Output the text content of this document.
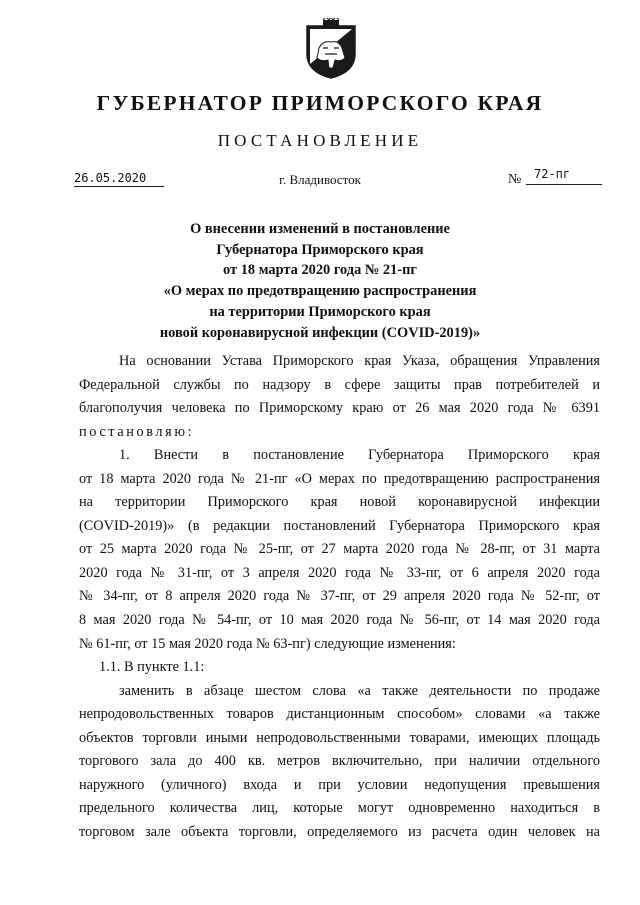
ГУБЕРНАТОР ПРИМОРСКОГО КРАЯ
ПОСТАНОВЛЕНИЕ
26.05.2020	г. Владивосток	№	72-пг
О внесении изменений в постановление
Губернатора Приморского края
от 18 марта 2020 года № 21-пг
«О мерах по предотвращению распространения
на территории Приморского края
новой коронавирусной инфекции (COVID-2019)»
На основании Устава Приморского края Указа, обращения Управления
Федеральной службы по надзору в сфере защиты прав потребителей и
благополучия человека по Приморскому краю от 26 мая 2020 года № 6391
постановляю:
1. Внести в постановление Губернатора Приморского края
от 18 марта 2020 года № 21-пг «О мерах по предотвращению распространения
на территории Приморского края новой коронавирусной инфекции
(COVID-2019)» (в редакции постановлений Губернатора Приморского края
от 25 марта 2020 года № 25-пг, от 27 марта 2020 года № 28-пг, от 31 марта
2020 года № 31-пг, от 3 апреля 2020 года № 33-пг, от 6 апреля 2020 года
№ 34-пг, от 8 апреля 2020 года № 37-пг, от 29 апреля 2020 года № 52-пг, от
8 мая 2020 года № 54-пг, от 10 мая 2020 года № 56-пг, от 14 мая 2020 года
№ 61-пг, от 15 мая 2020 года № 63-пг) следующие изменения:
1.1. В пункте 1.1:
заменить в абзаце шестом слова «а также деятельности по продаже
непродовольственных товаров дистанционным способом» словами «а также
объектов торговли иными непродовольственными товарами, имеющих площадь
торгового зала до 400 кв. метров включительно, при наличии отдельного
наружного (уличного) входа и при условии недопущения превышения
предельного количества лиц, которые могут одновременно находиться в
торговом зале объекта торговли, определяемого из расчета один человек на
